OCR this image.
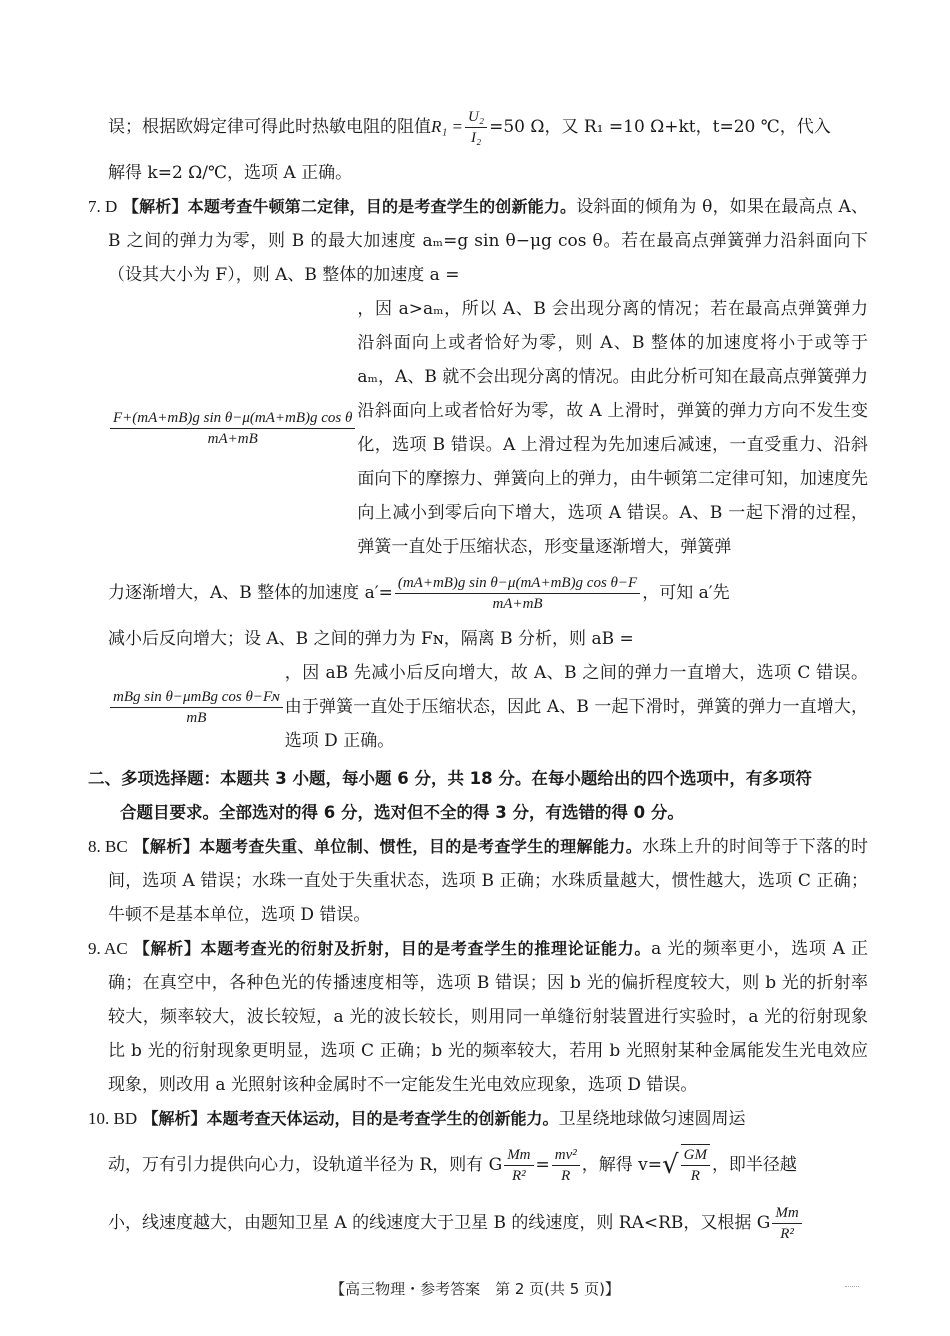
误；根据欧姆定律可得此时热敏电阻的阻值 $R_1 = \frac{\text{U₂}}{\text{I₂}} =50$ Ω，又 R₁ =10 Ω+kt，t=20 ℃，代入
解得 k=2 Ω/℃，选项 A 正确。
7. D 【解析】本题考查牛顿第二定律，目的是考查学生的创新能力。设斜面的倾角为 θ，如果在最高点 A、B 之间的弹力为零，则 B 的最大加速度 aₘ=g sin θ−μg cos θ。若在最高点弹簧弹力沿斜面向下（设其大小为 F），则 A、B 整体的加速度 a =
$\frac{\text{F+(mA+mB)g sin θ−μ(mA+mB)g cos θ}}{mA+mB}$
，因 a>aₘ，所以 A、B 会出现分离的情况；若在最高点弹簧弹力沿斜面向上或者恰好为零，则 A、B 整体的加速度将小于或等于 aₘ，A、B 就不会出现分离的情况。由此分析可知在最高点弹簧弹力沿斜面向上或者恰好为零，故 A 上滑时，弹簧的弹力方向不发生变化，选项 B 错误。A 上滑过程为先加速后减速，一直受重力、沿斜面向下的摩擦力、弹簧向上的弹力，由牛顿第二定律可知，加速度先向上减小到零后向下增大，选项 A 错误。A、B 一起下滑的过程，弹簧一直处于压缩状态，形变量逐渐增大，弹簧弹
力逐渐增大，A、B 整体的加速度 $a'= \frac{\text{(mA+mB)g sin θ−μ(mA+mB)g cos θ−F}}{mA+mB}$ ，可知 a′先
减小后反向增大；设 A、B 之间的弹力为 Fɴ，隔离 B 分析，则 aB =
$\frac{\text{mBg sin θ−μmBg cos θ−Fɴ}}{mB}$
，因 aB 先减小后反向增大，故 A、B 之间的弹力一直增大，选项 C 错误。由于弹簧一直处于压缩状态，因此 A、B 一起下滑时，弹簧的弹力一直增大，选项 D 正确。
二、多项选择题：本题共 3 小题，每小题 6 分，共 18 分。在每小题给出的四个选项中，有多项符
合题目要求。全部选对的得 6 分，选对但不全的得 3 分，有选错的得 0 分。
8. BC 【解析】本题考查失重、单位制、惯性，目的是考查学生的理解能力。水珠上升的时间等于下落的时间，选项 A 错误；水珠一直处于失重状态，选项 B 正确；水珠质量越大，惯性越大，选项 C 正确；牛顿不是基本单位，选项 D 错误。
9. AC 【解析】本题考查光的衍射及折射，目的是考查学生的推理论证能力。a 光的频率更小，选项 A 正确；在真空中，各种色光的传播速度相等，选项 B 错误；因 b 光的偏折程度较大，则 b 光的折射率较大，频率较大，波长较短，a 光的波长较长，则用同一单缝衍射装置进行实验时，a 光的衍射现象比 b 光的衍射现象更明显，选项 C 正确；b 光的频率较大，若用 b 光照射某种金属能发生光电效应现象，则改用 a 光照射该种金属时不一定能发生光电效应现象，选项 D 错误。
10. BD 【解析】本题考查天体运动，目的是考查学生的创新能力。卫星绕地球做匀速圆周运
动，万有引力提供向心力，设轨道半径为 R，则有 G $\frac{Mm}{\text{R²}} = \frac{\text{mv²}}{R}$ ，解得 v= √ $\frac{GM}{R}$ ，即半径越
小，线速度越大，由题知卫星 A 的线速度大于卫星 B 的线速度，则 RA<RB，又根据 G $\frac{Mm}{\text{R²}}$
【高三物理・参考答案　第 2 页(共 5 页)】
